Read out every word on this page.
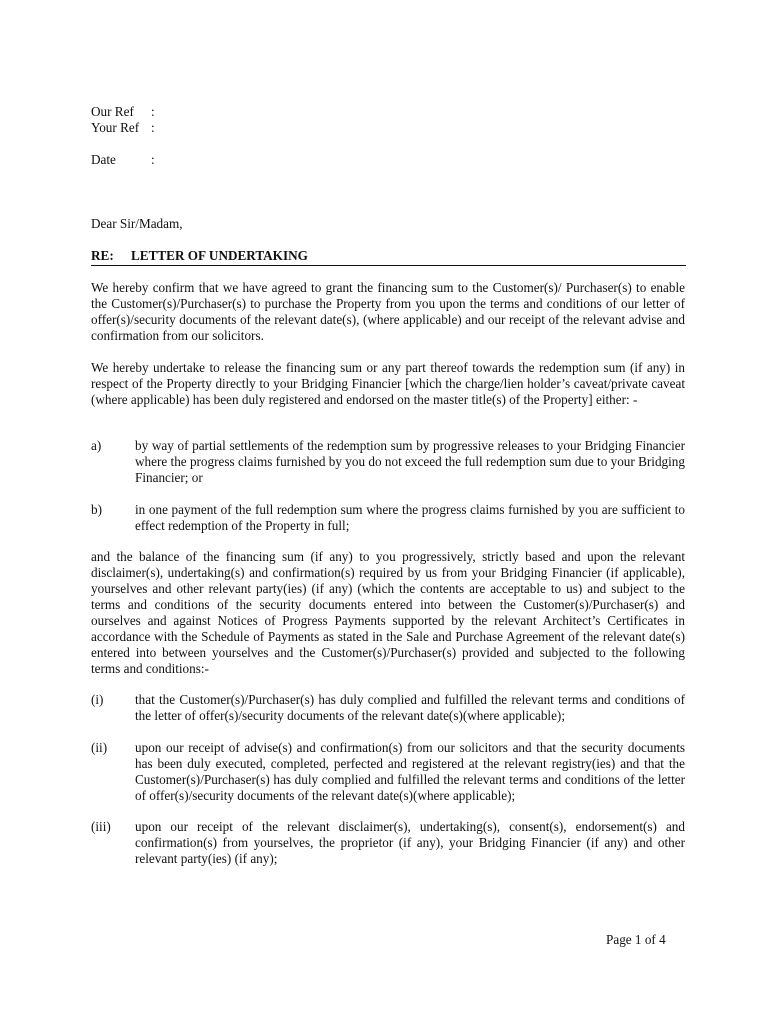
Our Ref	:
Your Ref :
Date	:
Dear Sir/Madam,
RE:	LETTER OF UNDERTAKING
We hereby confirm that we have agreed to grant the financing sum to the Customer(s)/ Purchaser(s) to enable the Customer(s)/Purchaser(s) to purchase the Property from you upon the terms and conditions of our letter of offer(s)/security documents of the relevant date(s), (where applicable) and our receipt of the relevant advise and confirmation from our solicitors.
We hereby undertake to release the financing sum or any part thereof towards the redemption sum (if any) in respect of the Property directly to your Bridging Financier [which the charge/lien holder’s caveat/private caveat (where applicable) has been duly registered and endorsed on the master title(s) of the Property] either: -
a)	by way of partial settlements of the redemption sum by progressive releases to your Bridging Financier where the progress claims furnished by you do not exceed the full redemption sum due to your Bridging Financier; or
b)	in one payment of the full redemption sum where the progress claims furnished by you are sufficient to effect redemption of the Property in full;
and the balance of the financing sum (if any) to you progressively, strictly based and upon the relevant disclaimer(s), undertaking(s) and confirmation(s) required by us from your Bridging Financier (if applicable), yourselves and other relevant party(ies) (if any) (which the contents are acceptable to us) and subject to the terms and conditions of the security documents entered into between the Customer(s)/Purchaser(s) and ourselves and against Notices of Progress Payments supported by the relevant Architect’s Certificates in accordance with the Schedule of Payments as stated in the Sale and Purchase Agreement of the relevant date(s) entered into between yourselves and the Customer(s)/Purchaser(s) provided and subjected to the following terms and conditions:-
(i)	that the Customer(s)/Purchaser(s) has duly complied and fulfilled the relevant terms and conditions of the letter of offer(s)/security documents of the relevant date(s)(where applicable);
(ii)	upon our receipt of advise(s) and confirmation(s) from our solicitors and that the security documents has been duly executed, completed, perfected and registered at the relevant registry(ies) and that the Customer(s)/Purchaser(s) has duly complied and fulfilled the relevant terms and conditions of the letter of offer(s)/security documents of the relevant date(s)(where applicable);
(iii)	upon our receipt of the relevant disclaimer(s), undertaking(s), consent(s), endorsement(s) and confirmation(s) from yourselves, the proprietor (if any), your Bridging Financier (if any) and other relevant party(ies) (if any);
Page 1 of 4
